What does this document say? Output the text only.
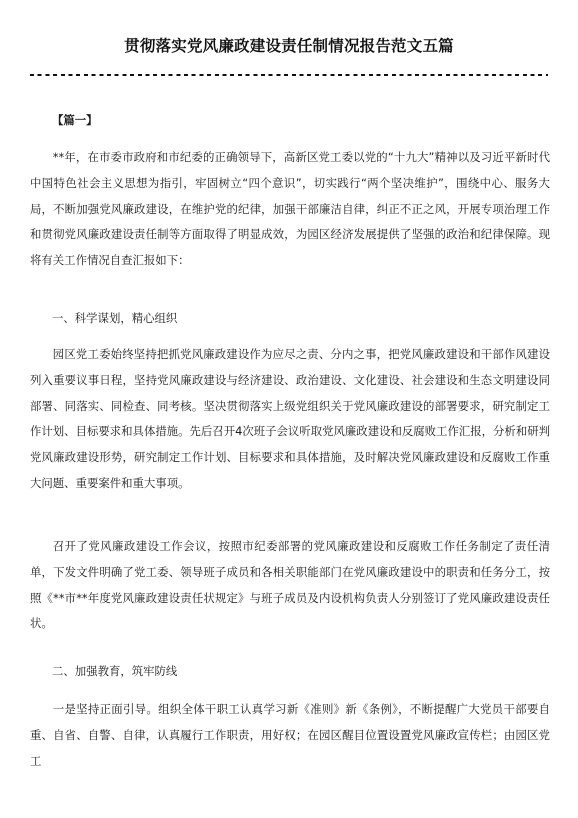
贯彻落实党风廉政建设责任制情况报告范文五篇
【篇一】
**年，在市委市政府和市纪委的正确领导下，高新区党工委以党的“十九大”精神以及习近平新时代中国特色社会主义思想为指引，牢固树立“四个意识”，切实践行“两个坚决维护”，围绕中心、服务大局，不断加强党风廉政建设，在维护党的纪律，加强干部廉洁自律，纠正不正之风，开展专项治理工作和贯彻党风廉政建设责任制等方面取得了明显成效，为园区经济发展提供了坚强的政治和纪律保障。现将有关工作情况自查汇报如下：
一、科学谋划，精心组织
园区党工委始终坚持把抓党风廉政建设作为应尽之责、分内之事，把党风廉政建设和干部作风建设列入重要议事日程，坚持党风廉政建设与经济建设、政治建设、文化建设、社会建设和生态文明建设同部署、同落实、同检查、同考核。坚决贯彻落实上级党组织关于党风廉政建设的部署要求，研究制定工作计划、目标要求和具体措施。先后召开4次班子会议听取党风廉政建设和反腐败工作汇报，分析和研判党风廉政建设形势，研究制定工作计划、目标要求和具体措施，及时解决党风廉政建设和反腐败工作重大问题、重要案件和重大事项。
召开了党风廉政建设工作会议，按照市纪委部署的党风廉政建设和反腐败工作任务制定了责任清单，下发文件明确了党工委、领导班子成员和各相关职能部门在党风廉政建设中的职责和任务分工，按照《**市**年度党风廉政建设责任状规定》与班子成员及内设机构负责人分别签订了党风廉政建设责任状。
二、加强教育，筑牢防线
一是坚持正面引导。组织全体干职工认真学习新《准则》新《条例》，不断提醒广大党员干部要自重、自省、自警、自律，认真履行工作职责，用好权；在园区醒目位置设置党风廉政宣传栏；由园区党工
